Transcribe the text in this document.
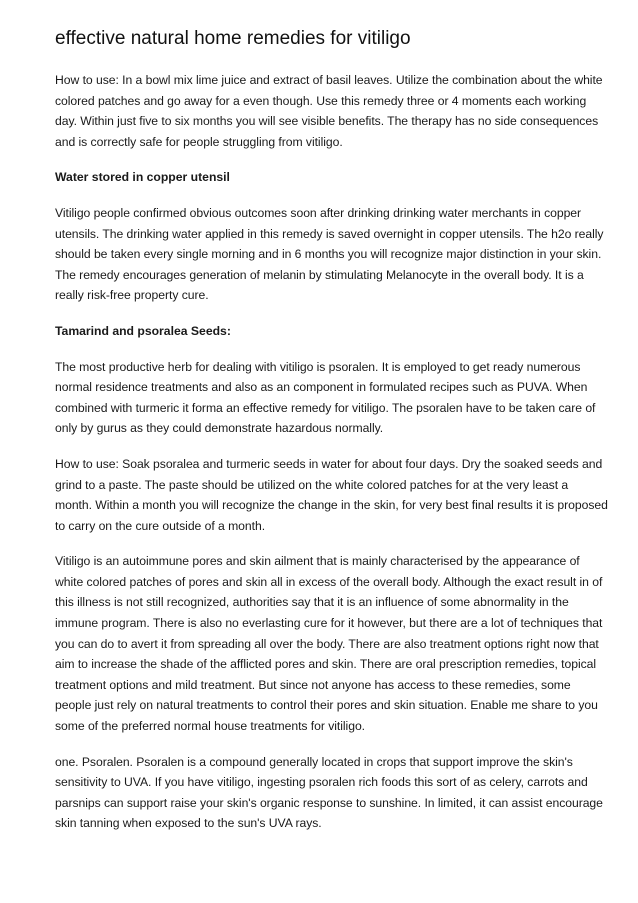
effective natural home remedies for vitiligo

How to use: In a bowl mix lime juice and extract of basil leaves. Utilize the combination about the white colored patches and go away for a even though. Use this remedy three or 4 moments each working day. Within just five to six months you will see visible benefits. The therapy has no side consequences and is correctly safe for people struggling from vitiligo.

Water stored in copper utensil

Vitiligo people confirmed obvious outcomes soon after drinking drinking water merchants in copper utensils. The drinking water applied in this remedy is saved overnight in copper utensils. The h2o really should be taken every single morning and in 6 months you will recognize major distinction in your skin. The remedy encourages generation of melanin by stimulating Melanocyte in the overall body. It is a really risk-free property cure.

Tamarind and psoralea Seeds:

The most productive herb for dealing with vitiligo is psoralen. It is employed to get ready numerous normal residence treatments and also as an component in formulated recipes such as PUVA. When combined with turmeric it forma an effective remedy for vitiligo. The psoralen have to be taken care of only by gurus as they could demonstrate hazardous normally.

How to use: Soak psoralea and turmeric seeds in water for about four days. Dry the soaked seeds and grind to a paste. The paste should be utilized on the white colored patches for at the very least a month. Within a month you will recognize the change in the skin, for very best final results it is proposed to carry on the cure outside of a month.

Vitiligo is an autoimmune pores and skin ailment that is mainly characterised by the appearance of white colored patches of pores and skin all in excess of the overall body. Although the exact result in of this illness is not still recognized, authorities say that it is an influence of some abnormality in the immune program. There is also no everlasting cure for it however, but there are a lot of techniques that you can do to avert it from spreading all over the body. There are also treatment options right now that aim to increase the shade of the afflicted pores and skin. There are oral prescription remedies, topical treatment options and mild treatment. But since not anyone has access to these remedies, some people just rely on natural treatments to control their pores and skin situation. Enable me share to you some of the preferred normal house treatments for vitiligo.

one. Psoralen. Psoralen is a compound generally located in crops that support improve the skin's sensitivity to UVA. If you have vitiligo, ingesting psoralen rich foods this sort of as celery, carrots and parsnips can support raise your skin's organic response to sunshine. In limited, it can assist encourage skin tanning when exposed to the sun's UVA rays.
